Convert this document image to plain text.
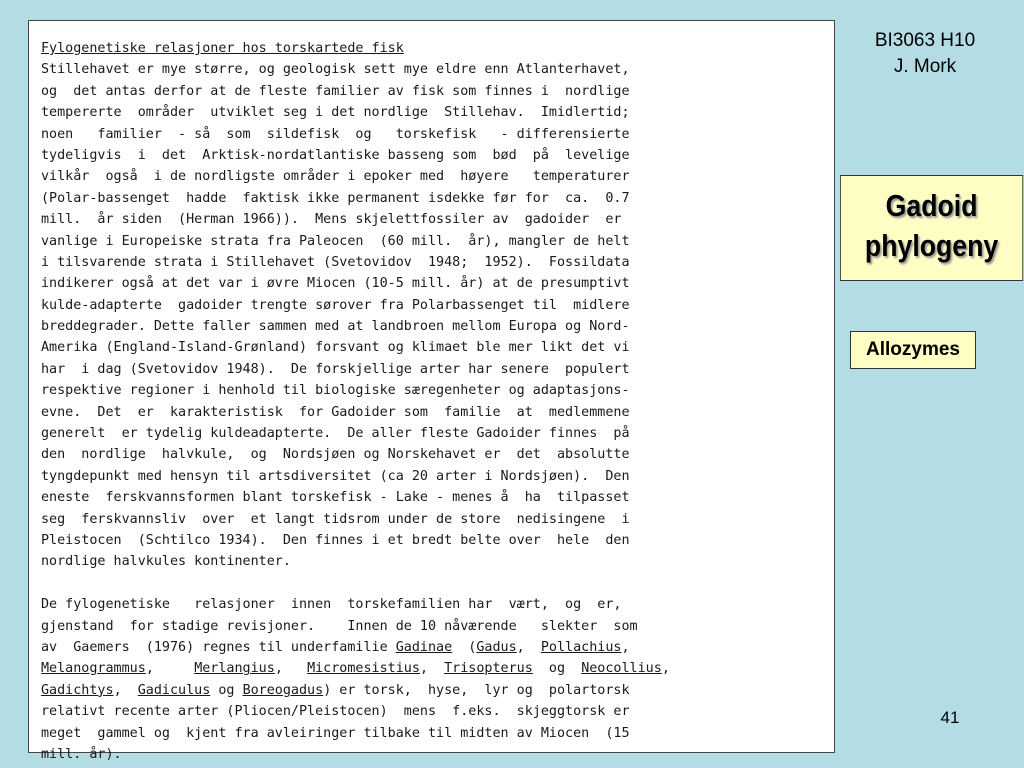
Fylogenetiske relasjoner hos torskartede fisk
Stillehavet er mye større, og geologisk sett mye eldre enn Atlanterhavet,
og  det antas derfor at de fleste familier av fisk som finnes i  nordlige
tempererte  områder  utviklet seg i det nordlige  Stillehav.  Imidlertid;
noen   familier  - så  som  sildefisk  og   torskefisk   - differensierte
tydeligvis  i  det  Arktisk-nordatlantiske basseng som  bød  på  levelige
vilkår  også  i de nordligste områder i epoker med  høyere   temperaturer
(Polar-bassenget  hadde  faktisk ikke permanent isdekke før for  ca.  0.7
mill.  år siden  (Herman 1966)).  Mens skjelettfossiler av  gadoider  er
vanlige i Europeiske strata fra Paleocen  (60 mill.  år), mangler de helt
i tilsvarende strata i Stillehavet (Svetovidov  1948;  1952).  Fossildata
indikerer også at det var i øvre Miocen (10-5 mill. år) at de presumptivt
kulde-adapterte  gadoider trengte sørover fra Polarbassenget til  midlere
breddegrader. Dette faller sammen med at landbroen mellom Europa og Nord-
Amerika (England-Island-Grønland) forsvant og klimaet ble mer likt det vi
har  i dag (Svetovidov 1948).  De forskjellige arter har senere  populert
respektive regioner i henhold til biologiske særegenheter og adaptasjons-
evne.  Det  er  karakteristisk  for Gadoider som  familie  at  medlemmene
generelt  er tydelig kuldeadapterte.  De aller fleste Gadoider finnes  på
den  nordlige  halvkule,  og  Nordsjøen og Norskehavet er  det  absolutte
tyngdepunkt med hensyn til artsdiversitet (ca 20 arter i Nordsjøen).  Den
eneste  ferskvannsformen blant torskefisk - Lake - menes å  ha  tilpasset
seg  ferskvannsliv  over  et langt tidsrom under de store  nedisingene  i
Pleistocen  (Schtilco 1934).  Den finnes i et bredt belte over  hele  den
nordlige halvkules kontinenter.
De fylogenetiske   relasjoner  innen  torskefamilien har  vært,  og  er,
gjenstand  for stadige revisjoner.    Innen de 10 nåværende   slekter  som
av  Gaemers  (1976) regnes til underfamilie Gadinae  (Gadus,  Pollachius,
Melanogrammus,     Merlangius,   Micromesistius,  Trisopterus  og  Neocollius,
Gadichtys,  Gadiculus og Boreogadus) er torsk,  hyse,  lyr og  polartorsk
relativt recente arter (Pliocen/Pleistocen)  mens  f.eks.  skjeggtorsk er
meget  gammel og  kjent fra avleiringer tilbake til midten av Miocen  (15
mill. år).
BI3063 H10
J. Mork
Gadoid
phylogeny
Allozymes
41
